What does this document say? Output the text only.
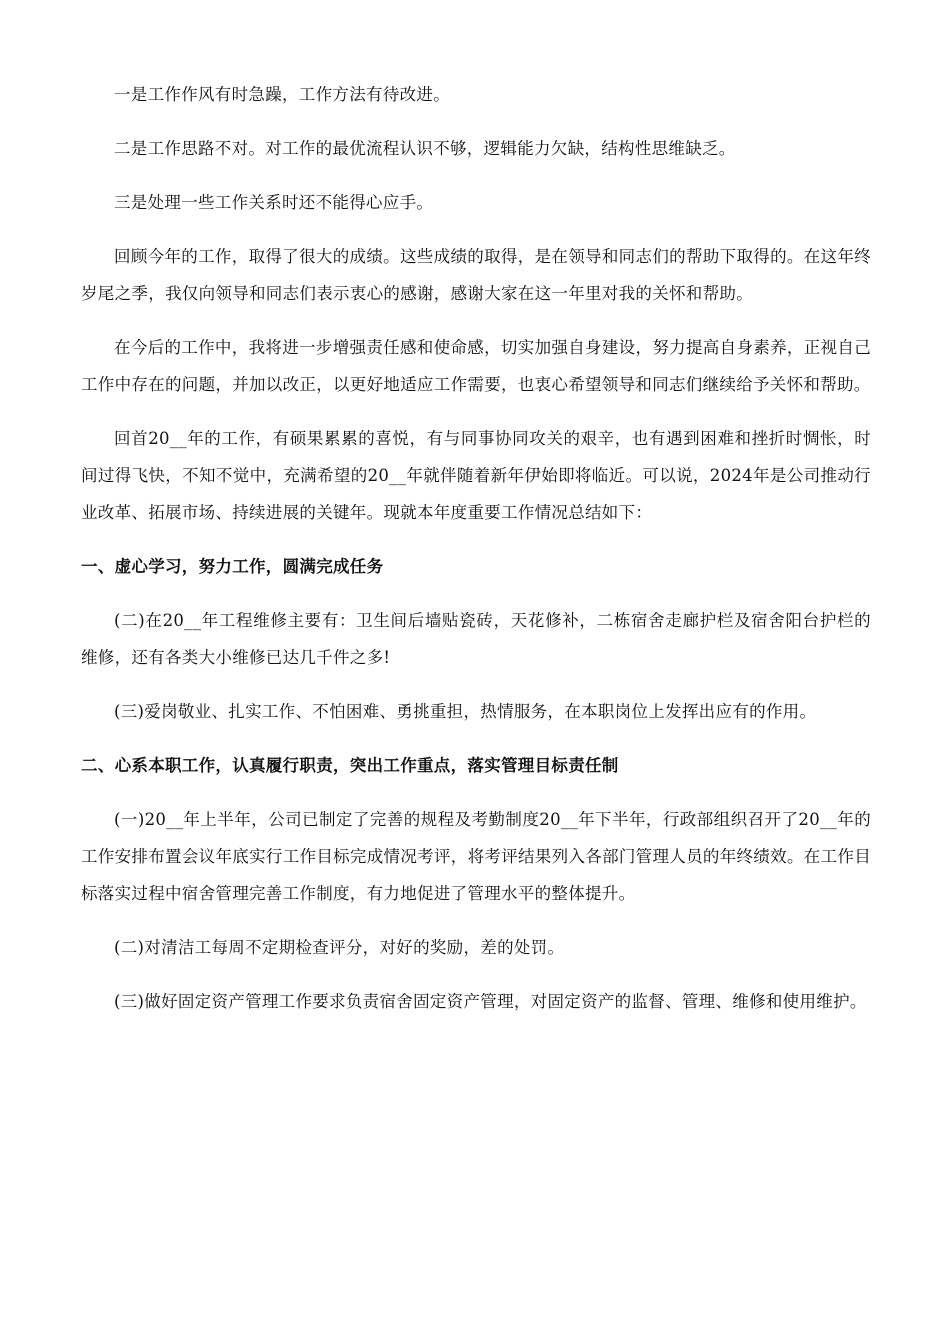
一是工作作风有时急躁，工作方法有待改进。

二是工作思路不对。对工作的最优流程认识不够，逻辑能力欠缺，结构性思维缺乏。

三是处理一些工作关系时还不能得心应手。

回顾今年的工作，取得了很大的成绩。这些成绩的取得，是在领导和同志们的帮助下取得的。在这年终岁尾之季，我仅向领导和同志们表示衷心的感谢，感谢大家在这一年里对我的关怀和帮助。

在今后的工作中，我将进一步增强责任感和使命感，切实加强自身建设，努力提高自身素养，正视自己工作中存在的问题，并加以改正，以更好地适应工作需要，也衷心希望领导和同志们继续给予关怀和帮助。

回首20__年的工作，有硕果累累的喜悦，有与同事协同攻关的艰辛，也有遇到困难和挫折时惆怅，时间过得飞快，不知不觉中，充满希望的20__年就伴随着新年伊始即将临近。可以说，2024年是公司推动行业改革、拓展市场、持续进展的关键年。现就本年度重要工作情况总结如下：

一、虚心学习，努力工作，圆满完成任务

(二)在20__年工程维修主要有：卫生间后墙贴瓷砖，天花修补，二栋宿舍走廊护栏及宿舍阳台护栏的维修，还有各类大小维修已达几千件之多!

(三)爱岗敬业、扎实工作、不怕困难、勇挑重担，热情服务，在本职岗位上发挥出应有的作用。

二、心系本职工作，认真履行职责，突出工作重点，落实管理目标责任制

(一)20__年上半年，公司已制定了完善的规程及考勤制度20__年下半年，行政部组织召开了20__年的工作安排布置会议年底实行工作目标完成情况考评，将考评结果列入各部门管理人员的年终绩效。在工作目标落实过程中宿舍管理完善工作制度，有力地促进了管理水平的整体提升。

(二)对清洁工每周不定期检查评分，对好的奖励，差的处罚。

(三)做好固定资产管理工作要求负责宿舍固定资产管理，对固定资产的监督、管理、维修和使用维护。
